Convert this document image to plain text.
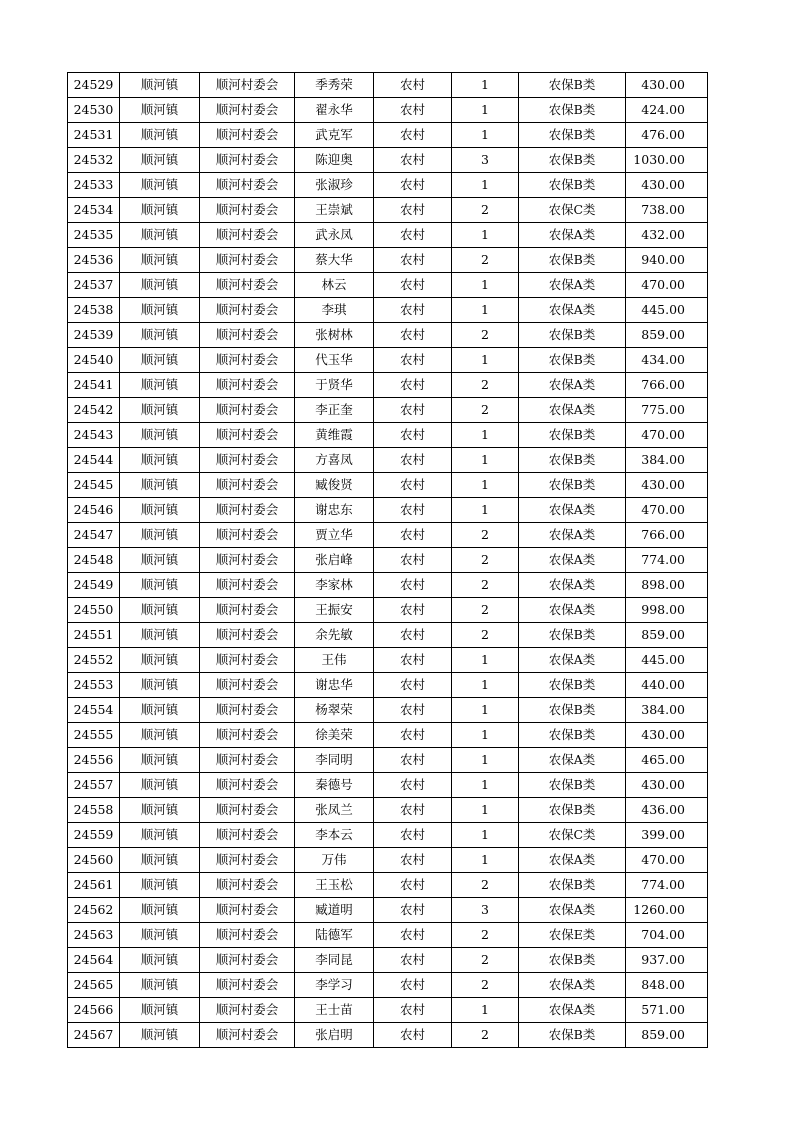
24529	顺河镇	顺河村委会	季秀荣	农村	1	农保B类	430.00
24530	顺河镇	顺河村委会	翟永华	农村	1	农保B类	424.00
24531	顺河镇	顺河村委会	武克军	农村	1	农保B类	476.00
24532	顺河镇	顺河村委会	陈迎奥	农村	3	农保B类	1030.00
24533	顺河镇	顺河村委会	张淑珍	农村	1	农保B类	430.00
24534	顺河镇	顺河村委会	王崇斌	农村	2	农保C类	738.00
24535	顺河镇	顺河村委会	武永凤	农村	1	农保A类	432.00
24536	顺河镇	顺河村委会	蔡大华	农村	2	农保B类	940.00
24537	顺河镇	顺河村委会	林云	农村	1	农保A类	470.00
24538	顺河镇	顺河村委会	李琪	农村	1	农保A类	445.00
24539	顺河镇	顺河村委会	张树林	农村	2	农保B类	859.00
24540	顺河镇	顺河村委会	代玉华	农村	1	农保B类	434.00
24541	顺河镇	顺河村委会	于贤华	农村	2	农保A类	766.00
24542	顺河镇	顺河村委会	李正奎	农村	2	农保A类	775.00
24543	顺河镇	顺河村委会	黄维霞	农村	1	农保B类	470.00
24544	顺河镇	顺河村委会	方喜凤	农村	1	农保B类	384.00
24545	顺河镇	顺河村委会	臧俊贤	农村	1	农保B类	430.00
24546	顺河镇	顺河村委会	谢忠东	农村	1	农保A类	470.00
24547	顺河镇	顺河村委会	贾立华	农村	2	农保A类	766.00
24548	顺河镇	顺河村委会	张启峰	农村	2	农保A类	774.00
24549	顺河镇	顺河村委会	李家林	农村	2	农保A类	898.00
24550	顺河镇	顺河村委会	王振安	农村	2	农保A类	998.00
24551	顺河镇	顺河村委会	余先敏	农村	2	农保B类	859.00
24552	顺河镇	顺河村委会	王伟	农村	1	农保A类	445.00
24553	顺河镇	顺河村委会	谢忠华	农村	1	农保B类	440.00
24554	顺河镇	顺河村委会	杨翠荣	农村	1	农保B类	384.00
24555	顺河镇	顺河村委会	徐美荣	农村	1	农保B类	430.00
24556	顺河镇	顺河村委会	李同明	农村	1	农保A类	465.00
24557	顺河镇	顺河村委会	秦德号	农村	1	农保B类	430.00
24558	顺河镇	顺河村委会	张凤兰	农村	1	农保B类	436.00
24559	顺河镇	顺河村委会	李本云	农村	1	农保C类	399.00
24560	顺河镇	顺河村委会	万伟	农村	1	农保A类	470.00
24561	顺河镇	顺河村委会	王玉松	农村	2	农保B类	774.00
24562	顺河镇	顺河村委会	臧道明	农村	3	农保A类	1260.00
24563	顺河镇	顺河村委会	陆德军	农村	2	农保E类	704.00
24564	顺河镇	顺河村委会	李同昆	农村	2	农保B类	937.00
24565	顺河镇	顺河村委会	李学习	农村	2	农保A类	848.00
24566	顺河镇	顺河村委会	王士苗	农村	1	农保A类	571.00
24567	顺河镇	顺河村委会	张启明	农村	2	农保B类	859.00
